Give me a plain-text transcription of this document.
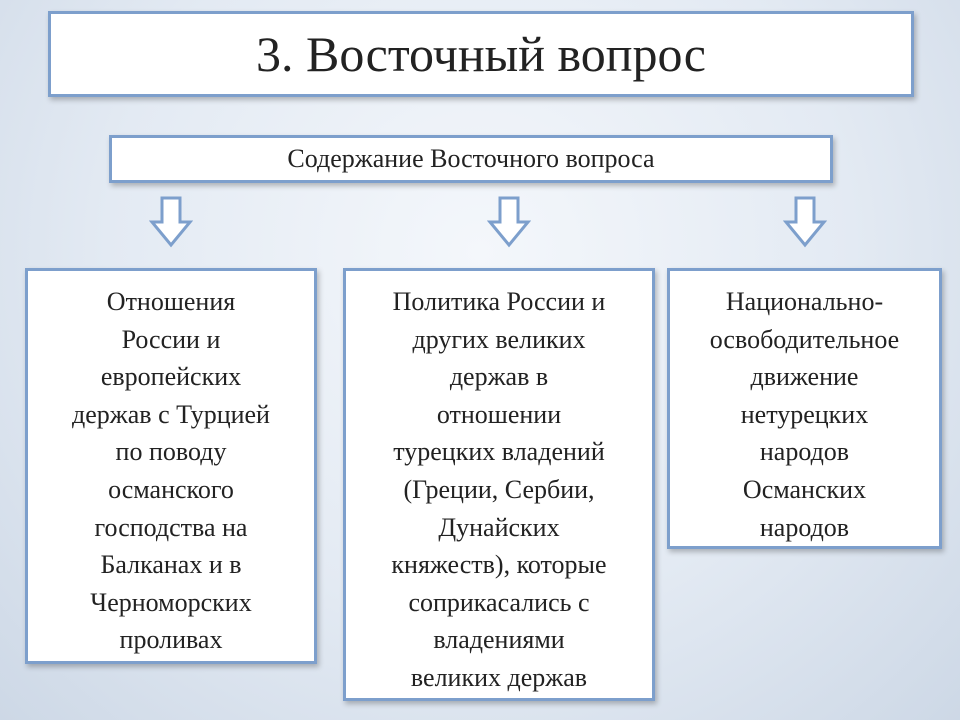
3. Восточный вопрос
Содержание Восточного вопроса
Отношения
России и
европейских
держав с Турцией
по поводу
османского
господства на
Балканах и в
Черноморских
проливах
Политика России и
других великих
держав в
отношении
турецких владений
(Греции, Сербии,
Дунайских
княжеств), которые
соприкасались с
владениями
великих держав
Национально-
освободительное
движение
нетурецких
народов
Османских
народов
